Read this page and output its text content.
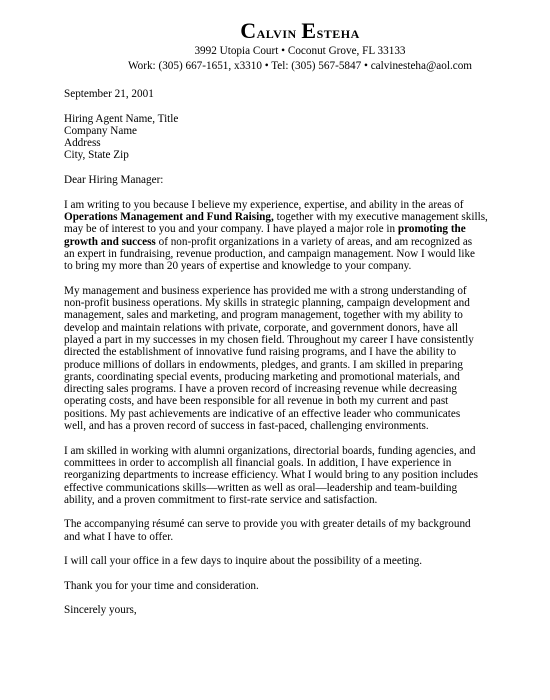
Calvin Esteha
3992 Utopia Court • Coconut Grove, FL 33133
Work: (305) 667-1651, x3310 • Tel: (305) 567-5847 • calvinesteha@aol.com

September 21, 2001

Hiring Agent Name, Title

Company Name

Address

City, State Zip

Dear Hiring Manager:

I am writing to you because I believe my experience, expertise, and ability in the areas of
Operations Management and Fund Raising, together with my executive management skills,
may be of interest to you and your company. I have played a major role in promoting the
growth and success of non-profit organizations in a variety of areas, and am recognized as
an expert in fundraising, revenue production, and campaign management. Now I would like
to bring my more than 20 years of expertise and knowledge to your company.
My management and business experience has provided me with a strong understanding of
non-profit business operations. My skills in strategic planning, campaign development and
management, sales and marketing, and program management, together with my ability to
develop and maintain relations with private, corporate, and government donors, have all
played a part in my successes in my chosen field. Throughout my career I have consistently
directed the establishment of innovative fund raising programs, and I have the ability to
produce millions of dollars in endowments, pledges, and grants. I am skilled in preparing
grants, coordinating special events, producing marketing and promotional materials, and
directing sales programs. I have a proven record of increasing revenue while decreasing
operating costs, and have been responsible for all revenue in both my current and past
positions. My past achievements are indicative of an effective leader who communicates
well, and has a proven record of success in fast-paced, challenging environments.
I am skilled in working with alumni organizations, directorial boards, funding agencies, and
committees in order to accomplish all financial goals. In addition, I have experience in
reorganizing departments to increase efficiency. What I would bring to any position includes
effective communications skills—written as well as oral—leadership and team-building
ability, and a proven commitment to first-rate service and satisfaction.
The accompanying résumé can serve to provide you with greater details of my background
and what I have to offer.

I will call your office in a few days to inquire about the possibility of a meeting.

Thank you for your time and consideration.

Sincerely yours,
